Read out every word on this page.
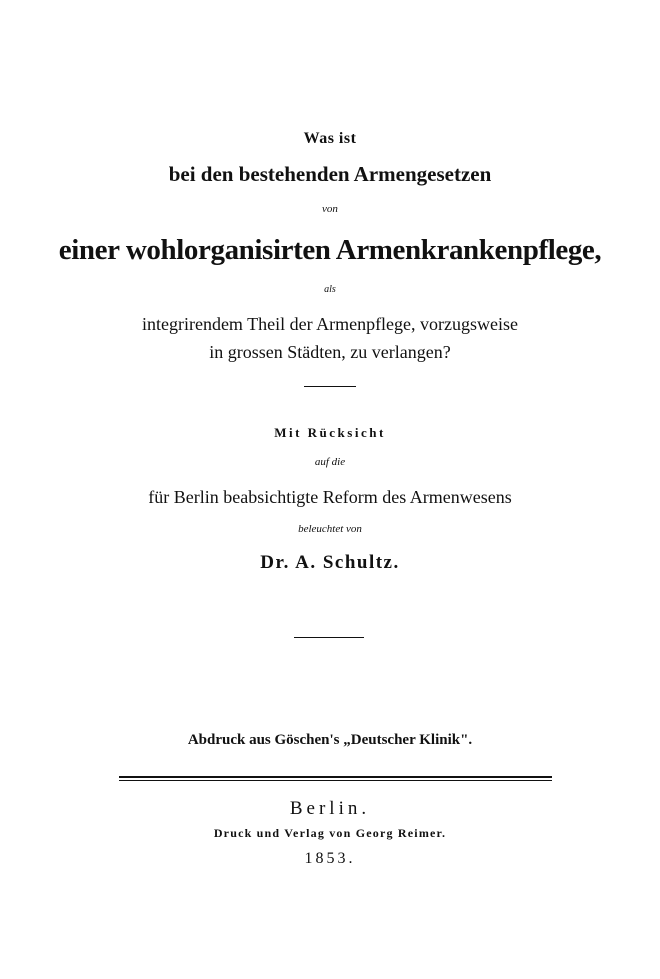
Was ist
bei den bestehenden Armengesetzen
von
einer wohlorganisirten Armenkrankenpflege,
als
integrirendem Theil der Armenpflege, vorzugsweise
in grossen Städten, zu verlangen?
Mit Rücksicht
auf die
für Berlin beabsichtigte Reform des Armenwesens
beleuchtet von
Dr. A. Schultz.
Abdruck aus Göschen's „Deutscher Klinik".
Berlin.
Druck und Verlag von Georg Reimer.
1853.
